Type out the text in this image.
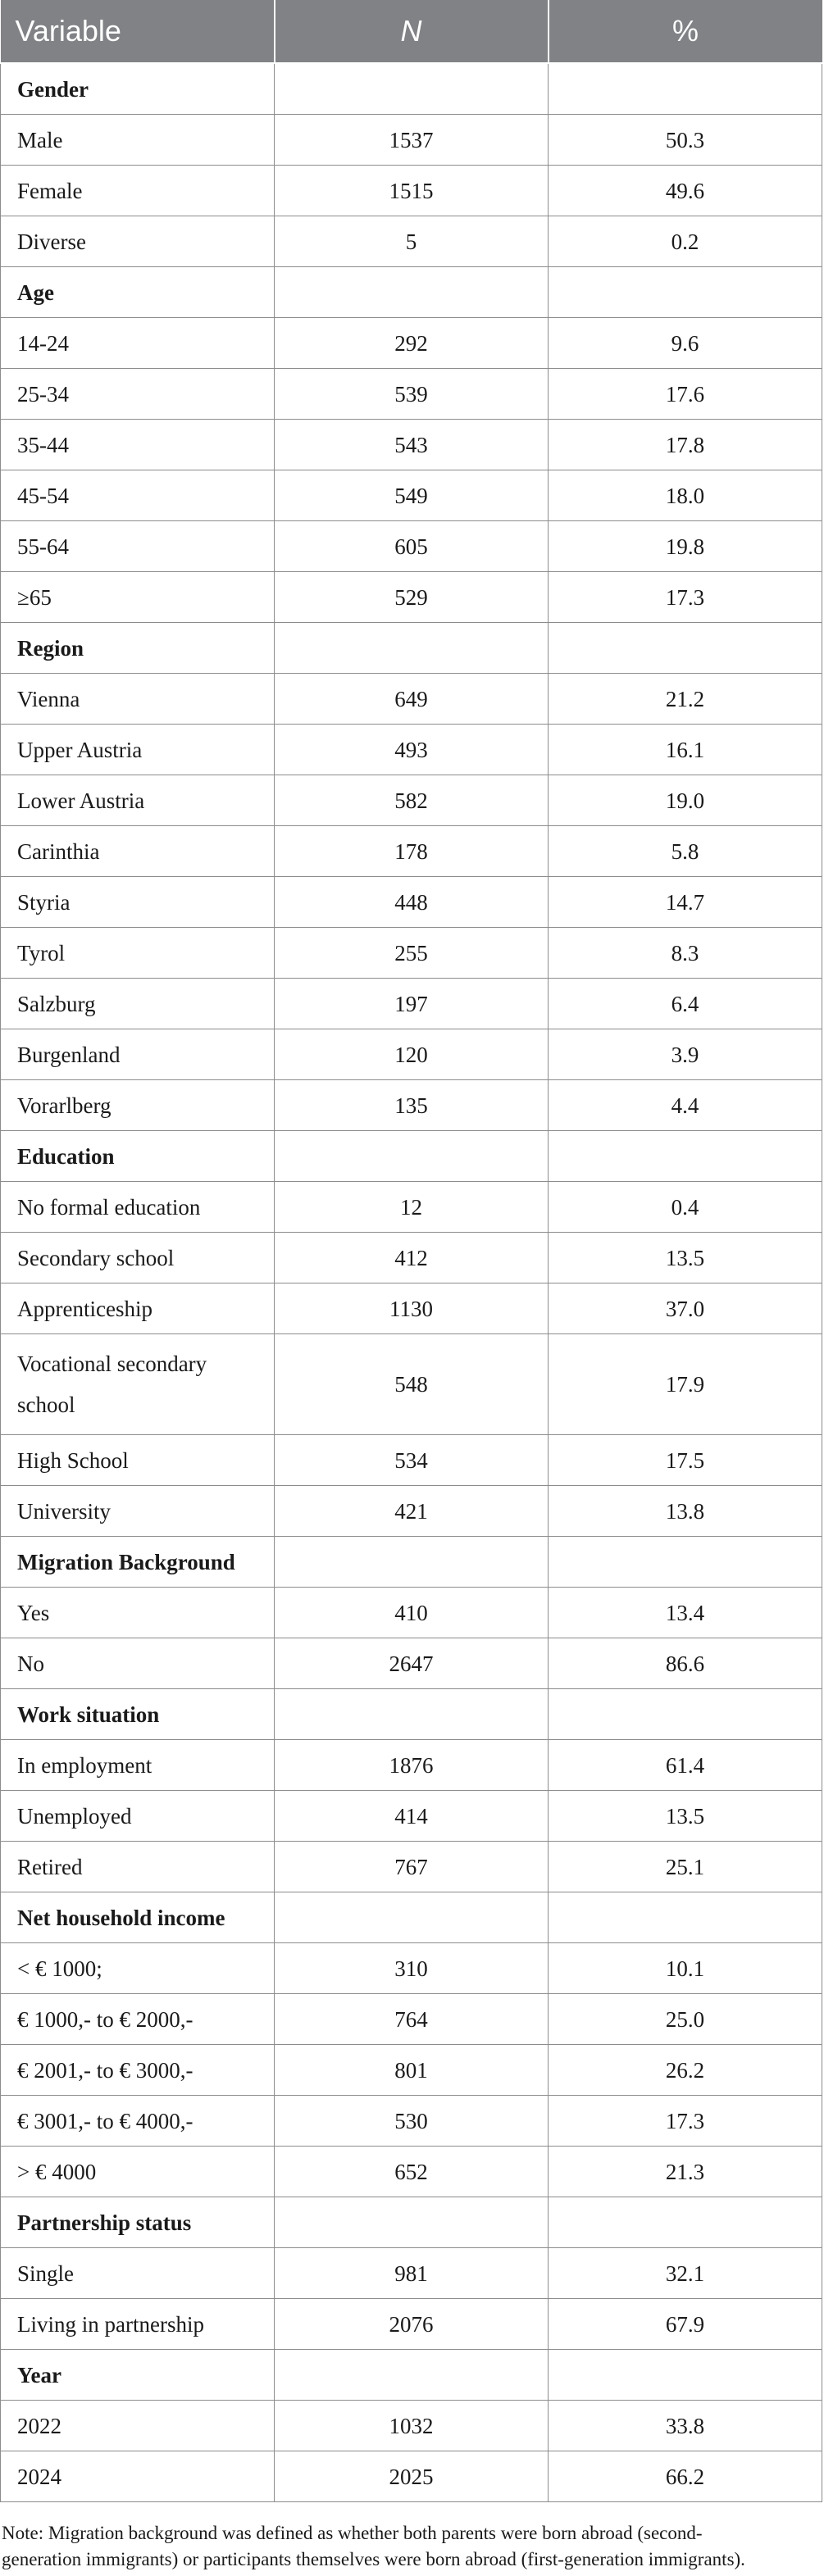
Variable	N	%
Gender		
Male	1537	50.3
Female	1515	49.6
Diverse	5	0.2
Age		
14-24	292	9.6
25-34	539	17.6
35-44	543	17.8
45-54	549	18.0
55-64	605	19.8
≥65	529	17.3
Region		
Vienna	649	21.2
Upper Austria	493	16.1
Lower Austria	582	19.0
Carinthia	178	5.8
Styria	448	14.7
Tyrol	255	8.3
Salzburg	197	6.4
Burgenland	120	3.9
Vorarlberg	135	4.4
Education		
No formal education	12	0.4
Secondary school	412	13.5
Apprenticeship	1130	37.0
Vocational secondary school	548	17.9
High School	534	17.5
University	421	13.8
Migration Background		
Yes	410	13.4
No	2647	86.6
Work situation		
In employment	1876	61.4
Unemployed	414	13.5
Retired	767	25.1
Net household income		
< € 1000;	310	10.1
€ 1000,- to € 2000,-	764	25.0
€ 2001,- to € 3000,-	801	26.2
€ 3001,- to € 4000,-	530	17.3
> € 4000	652	21.3
Partnership status		
Single	981	32.1
Living in partnership	2076	67.9
Year		
2022	1032	33.8
2024	2025	66.2

Note: Migration background was defined as whether both parents were born abroad (second-generation immigrants) or participants themselves were born abroad (first-generation immigrants).
